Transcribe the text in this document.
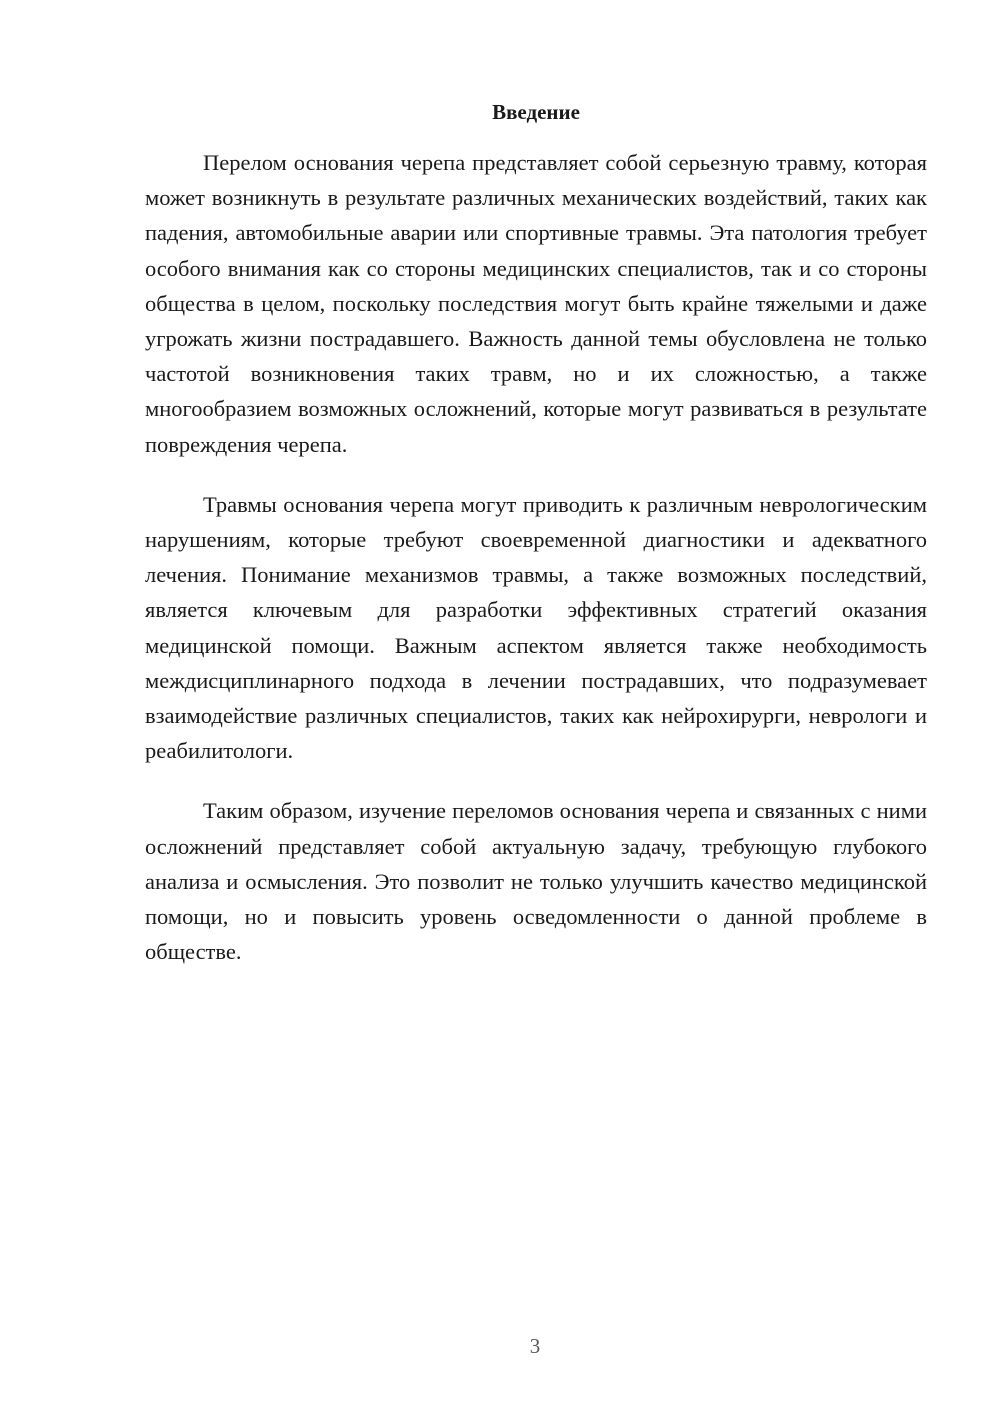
Введение

Перелом основания черепа представляет собой серьезную травму, которая может возникнуть в результате различных механических воздействий, таких как падения, автомобильные аварии или спортивные травмы. Эта патология требует особого внимания как со стороны медицинских специалистов, так и со стороны общества в целом, поскольку последствия могут быть крайне тяжелыми и даже угрожать жизни пострадавшего. Важность данной темы обусловлена не только частотой возникновения таких травм, но и их сложностью, а также многообразием возможных осложнений, которые могут развиваться в результате повреждения черепа.

Травмы основания черепа могут приводить к различным неврологическим нарушениям, которые требуют своевременной диагностики и адекватного лечения. Понимание механизмов травмы, а также возможных последствий, является ключевым для разработки эффективных стратегий оказания медицинской помощи. Важным аспектом является также необходимость междисциплинарного подхода в лечении пострадавших, что подразумевает взаимодействие различных специалистов, таких как нейрохирурги, неврологи и реабилитологи.

Таким образом, изучение переломов основания черепа и связанных с ними осложнений представляет собой актуальную задачу, требующую глубокого анализа и осмысления. Это позволит не только улучшить качество медицинской помощи, но и повысить уровень осведомленности о данной проблеме в обществе.

3
